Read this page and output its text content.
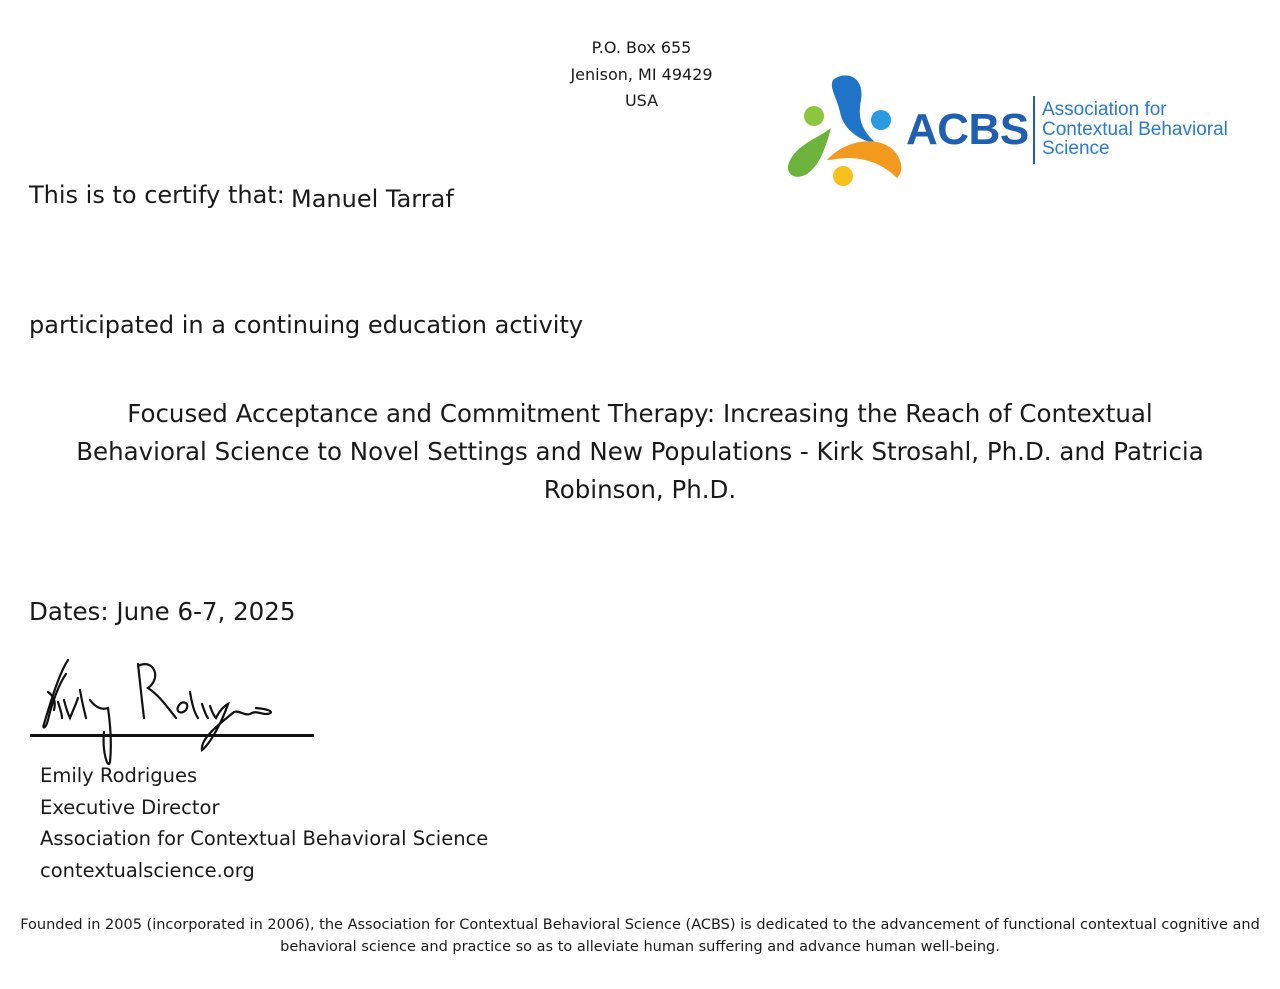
P.O. Box 655
Jenison, MI 49429
USA
ACBS Association for
Contextual Behavioral
Science
This is to certify that: Manuel Tarraf
participated in a continuing education activity
Focused Acceptance and Commitment Therapy: Increasing the Reach of Contextual Behavioral Science to Novel Settings and New Populations - Kirk Strosahl, Ph.D. and Patricia Robinson, Ph.D.
Dates: June 6-7, 2025
Emily Rodrigues
Executive Director
Association for Contextual Behavioral Science
contextualscience.org
Founded in 2005 (incorporated in 2006), the Association for Contextual Behavioral Science (ACBS) is dedicated to the advancement of functional contextual cognitive and behavioral science and practice so as to alleviate human suffering and advance human well-being.
